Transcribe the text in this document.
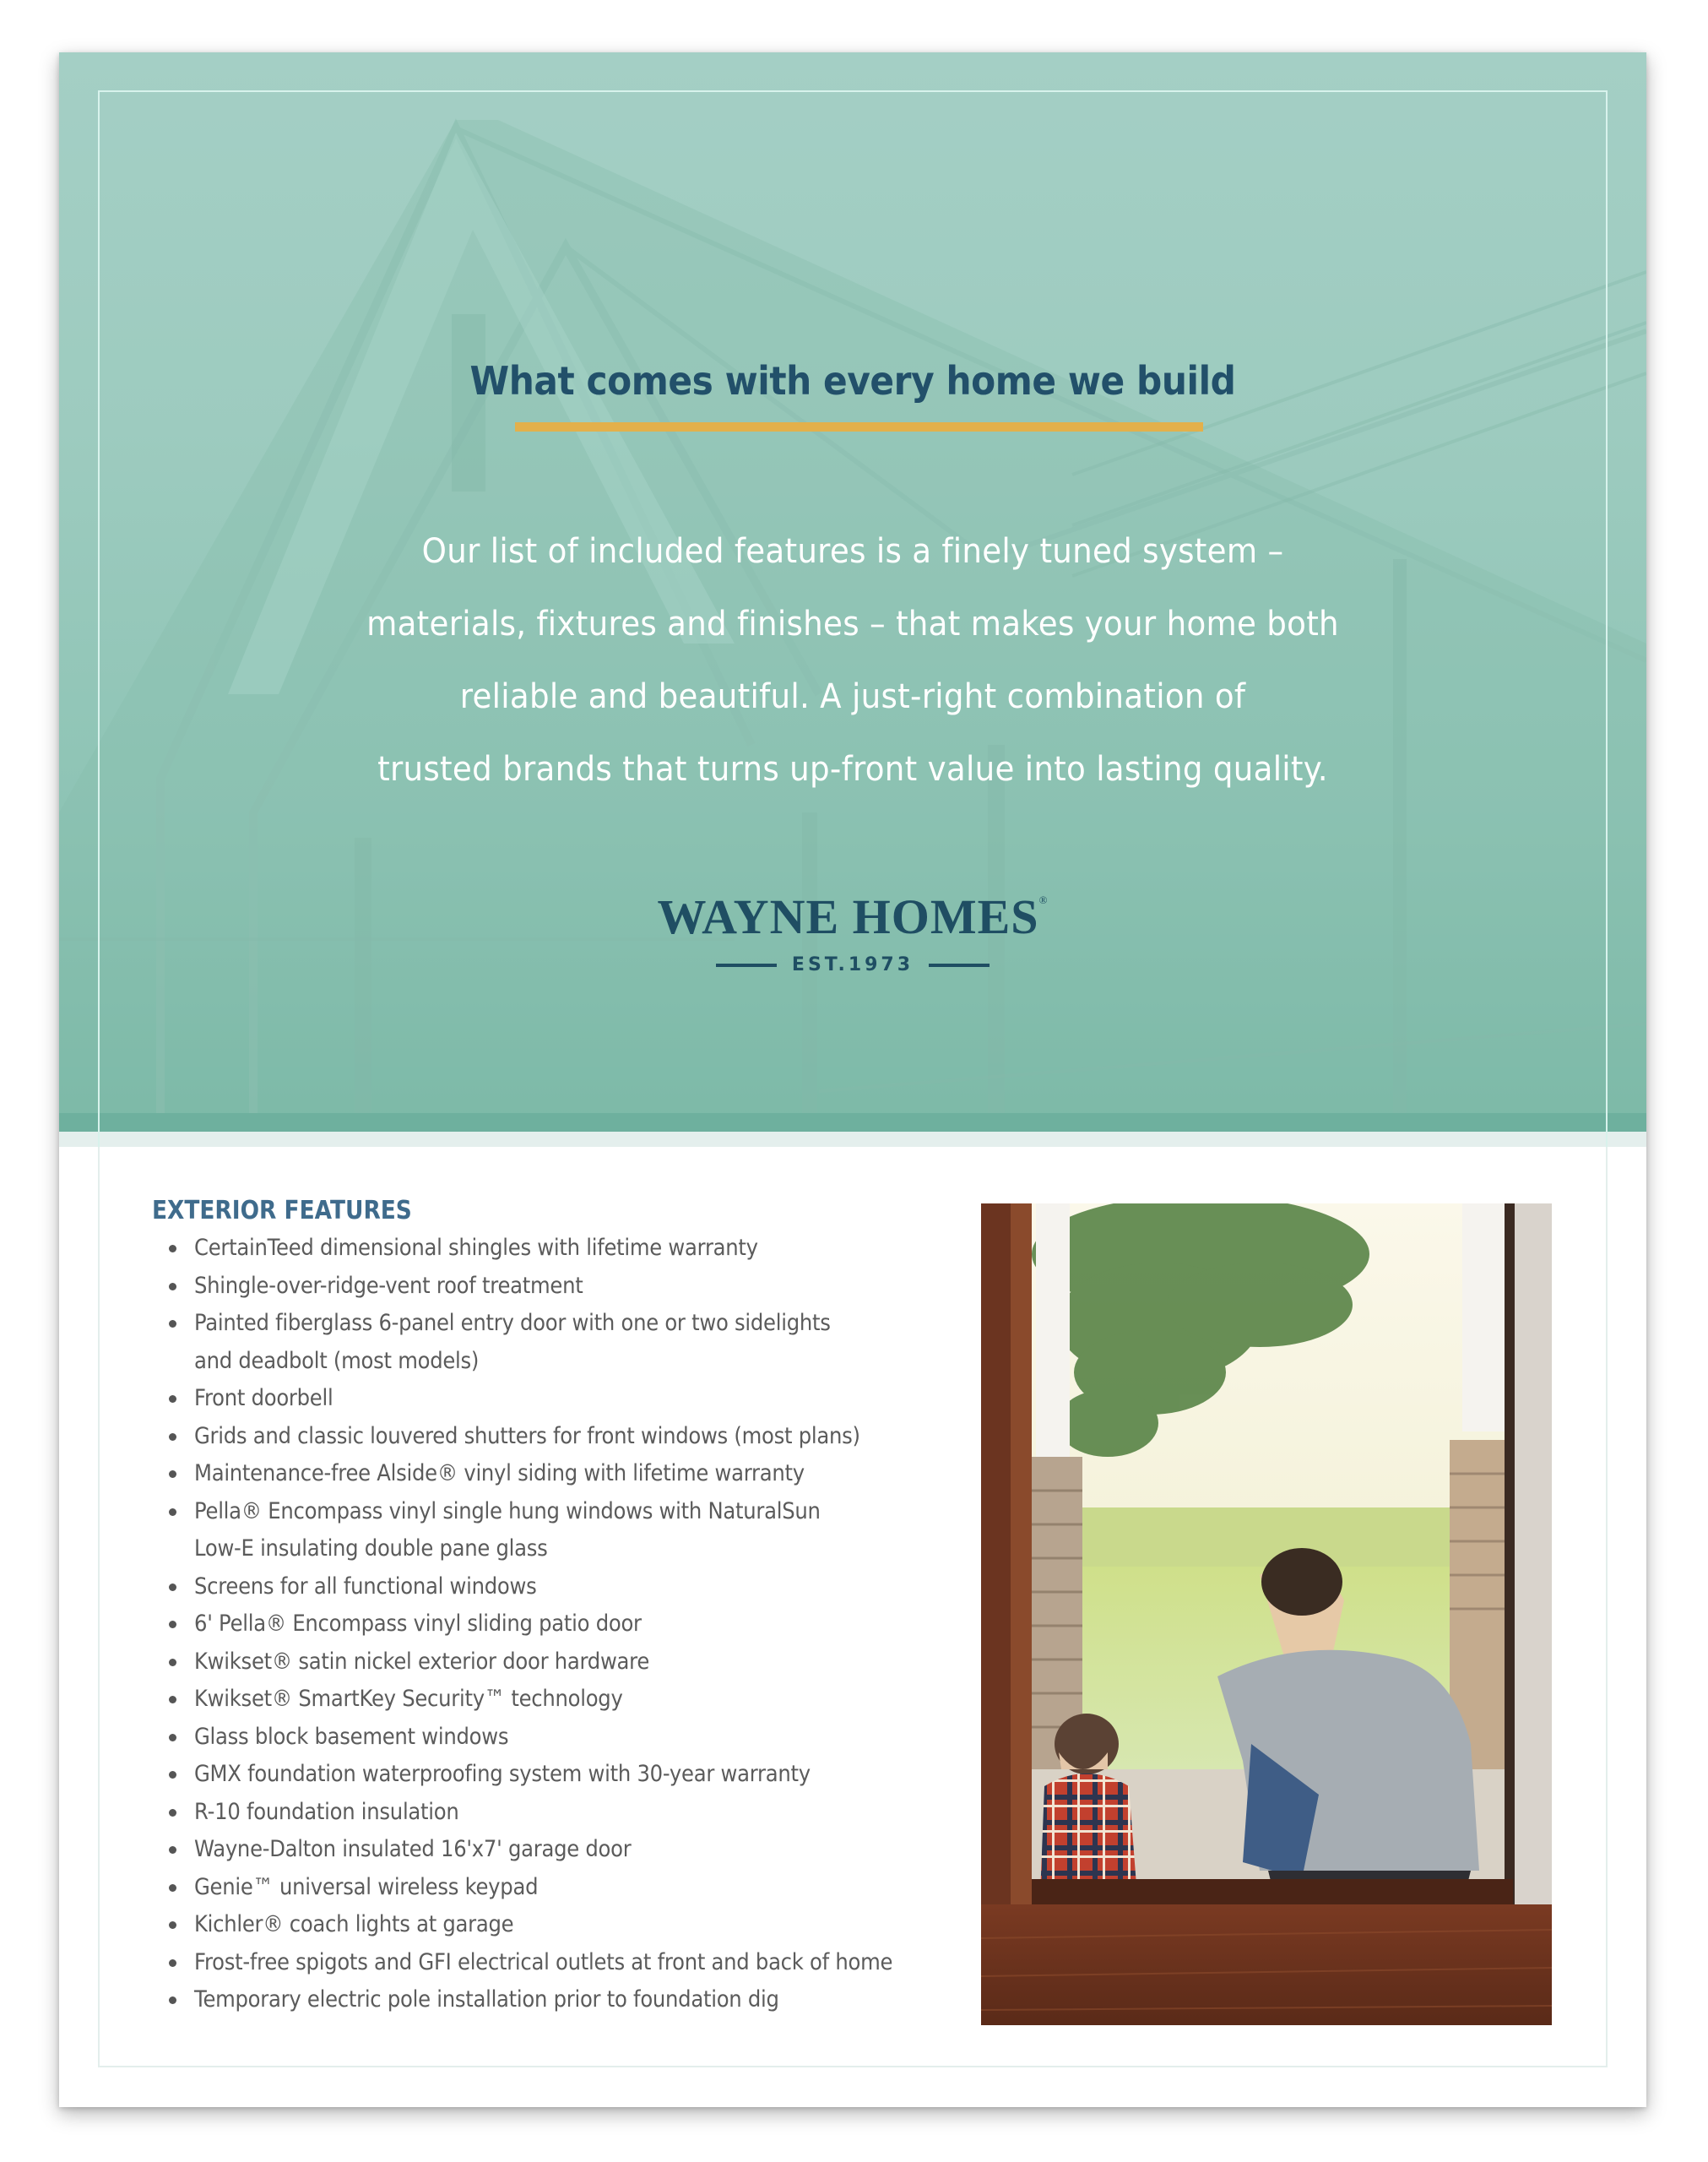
What comes with every home we build
Our list of included features is a finely tuned system –
materials, fixtures and finishes – that makes your home both
reliable and beautiful. A just-right combination of
trusted brands that turns up-front value into lasting quality.
WAYNE HOMES®
EST.1973
EXTERIOR FEATURES
CertainTeed dimensional shingles with lifetime warranty
Shingle-over-ridge-vent roof treatment
Painted fiberglass 6-panel entry door with one or two sidelights
and deadbolt (most models)
Front doorbell
Grids and classic louvered shutters for front windows (most plans)
Maintenance-free Alside® vinyl siding with lifetime warranty
Pella® Encompass vinyl single hung windows with NaturalSun
Low-E insulating double pane glass
Screens for all functional windows
6' Pella® Encompass vinyl sliding patio door
Kwikset® satin nickel exterior door hardware
Kwikset® SmartKey Security™ technology
Glass block basement windows
GMX foundation waterproofing system with 30-year warranty
R-10 foundation insulation
Wayne-Dalton insulated 16'x7' garage door
Genie™ universal wireless keypad
Kichler® coach lights at garage
Frost-free spigots and GFI electrical outlets at front and back of home
Temporary electric pole installation prior to foundation dig
